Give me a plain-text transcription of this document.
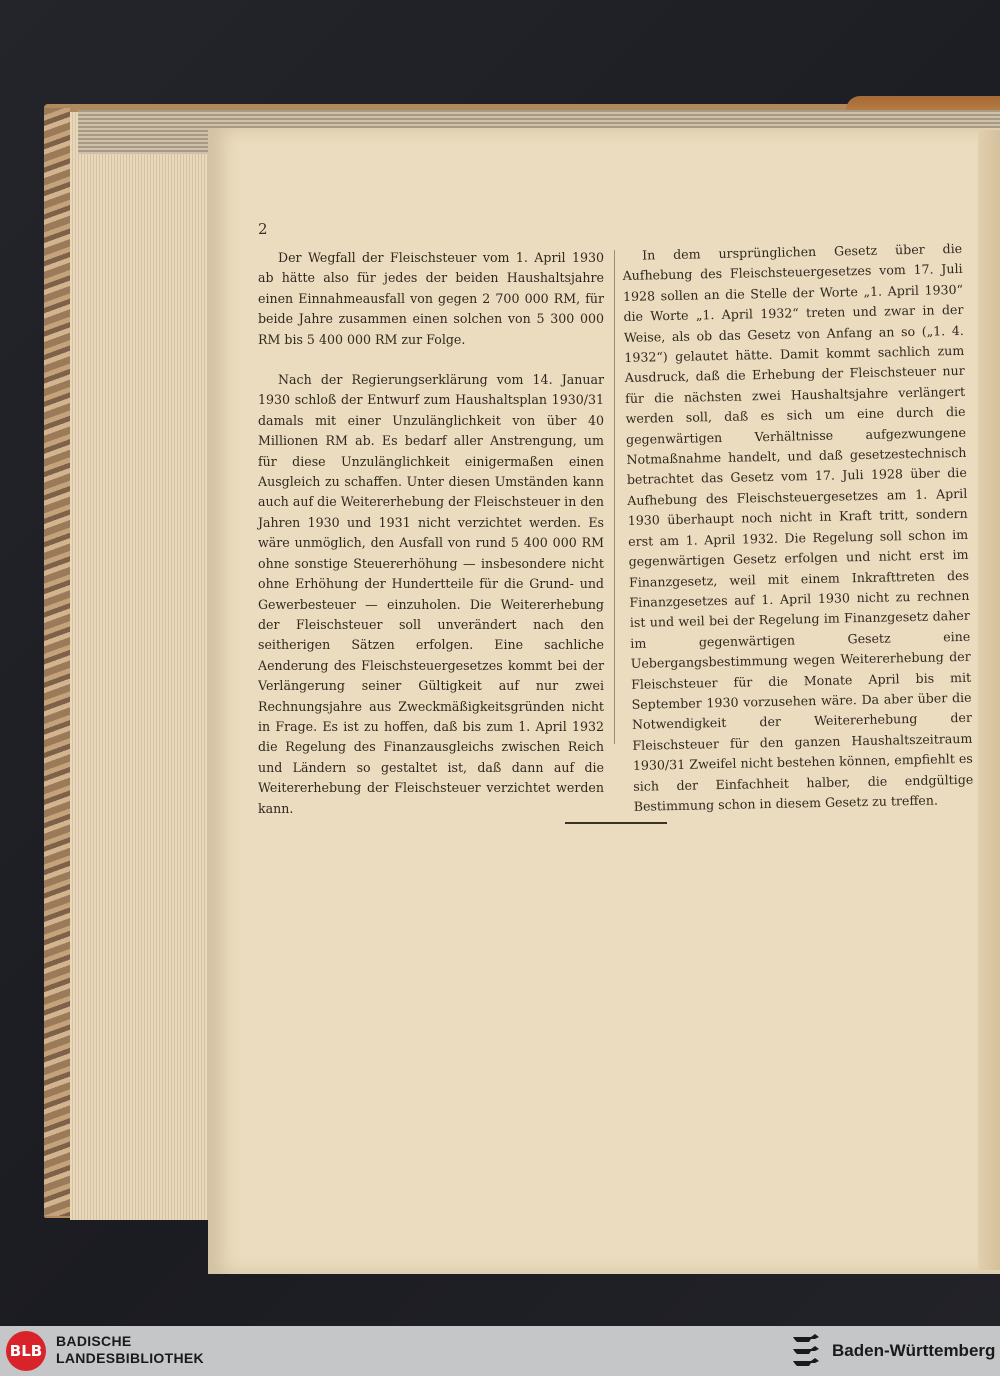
2

Der Wegfall der Fleischsteuer vom 1. April 1930 ab hätte also für jedes der beiden Haushaltsjahre einen Einnahmeausfall von gegen 2 700 000 RM, für beide Jahre zusammen einen solchen von 5 300 000 RM bis 5 400 000 RM zur Folge.

Nach der Regierungserklärung vom 14. Januar 1930 schloß der Entwurf zum Haushaltsplan 1930/31 damals mit einer Unzulänglichkeit von über 40 Millionen RM ab. Es bedarf aller Anstrengung, um für diese Unzulänglichkeit einigermaßen einen Ausgleich zu schaffen. Unter diesen Umständen kann auch auf die Weitererhebung der Fleischsteuer in den Jahren 1930 und 1931 nicht verzichtet werden. Es wäre unmöglich, den Ausfall von rund 5 400 000 RM ohne sonstige Steuererhöhung — insbesondere nicht ohne Erhöhung der Hundertteile für die Grund- und Gewerbesteuer — einzuholen. Die Weitererhebung der Fleischsteuer soll unverändert nach den seitherigen Sätzen erfolgen. Eine sachliche Aenderung des Fleischsteuergesetzes kommt bei der Verlängerung seiner Gültigkeit auf nur zwei Rechnungsjahre aus Zweckmäßigkeitsgründen nicht in Frage. Es ist zu hoffen, daß bis zum 1. April 1932 die Regelung des Finanzausgleichs zwischen Reich und Ländern so gestaltet ist, daß dann auf die Weitererhebung der Fleischsteuer verzichtet werden kann.

In dem ursprünglichen Gesetz über die Aufhebung des Fleischsteuergesetzes vom 17. Juli 1928 sollen an die Stelle der Worte „1. April 1930“ die Worte „1. April 1932“ treten und zwar in der Weise, als ob das Gesetz von Anfang an so („1. 4. 1932“) gelautet hätte. Damit kommt sachlich zum Ausdruck, daß die Erhebung der Fleischsteuer nur für die nächsten zwei Haushaltsjahre verlängert werden soll, daß es sich um eine durch die gegenwärtigen Verhältnisse aufgezwungene Notmaßnahme handelt, und daß gesetzestechnisch betrachtet das Gesetz vom 17. Juli 1928 über die Aufhebung des Fleischsteuergesetzes am 1. April 1930 überhaupt noch nicht in Kraft tritt, sondern erst am 1. April 1932. Die Regelung soll schon im gegenwärtigen Gesetz erfolgen und nicht erst im Finanzgesetz, weil mit einem Inkrafttreten des Finanzgesetzes auf 1. April 1930 nicht zu rechnen ist und weil bei der Regelung im Finanzgesetz daher im gegenwärtigen Gesetz eine Uebergangsbestimmung wegen Weitererhebung der Fleischsteuer für die Monate April bis mit September 1930 vorzusehen wäre. Da aber über die Notwendigkeit der Weitererhebung der Fleischsteuer für den ganzen Haushaltszeitraum 1930/31 Zweifel nicht bestehen können, empfiehlt es sich der Einfachheit halber, die endgültige Bestimmung schon in diesem Gesetz zu treffen.

BLB
BADISCHE
LANDESBIBLIOTHEK	Baden-Württemberg
